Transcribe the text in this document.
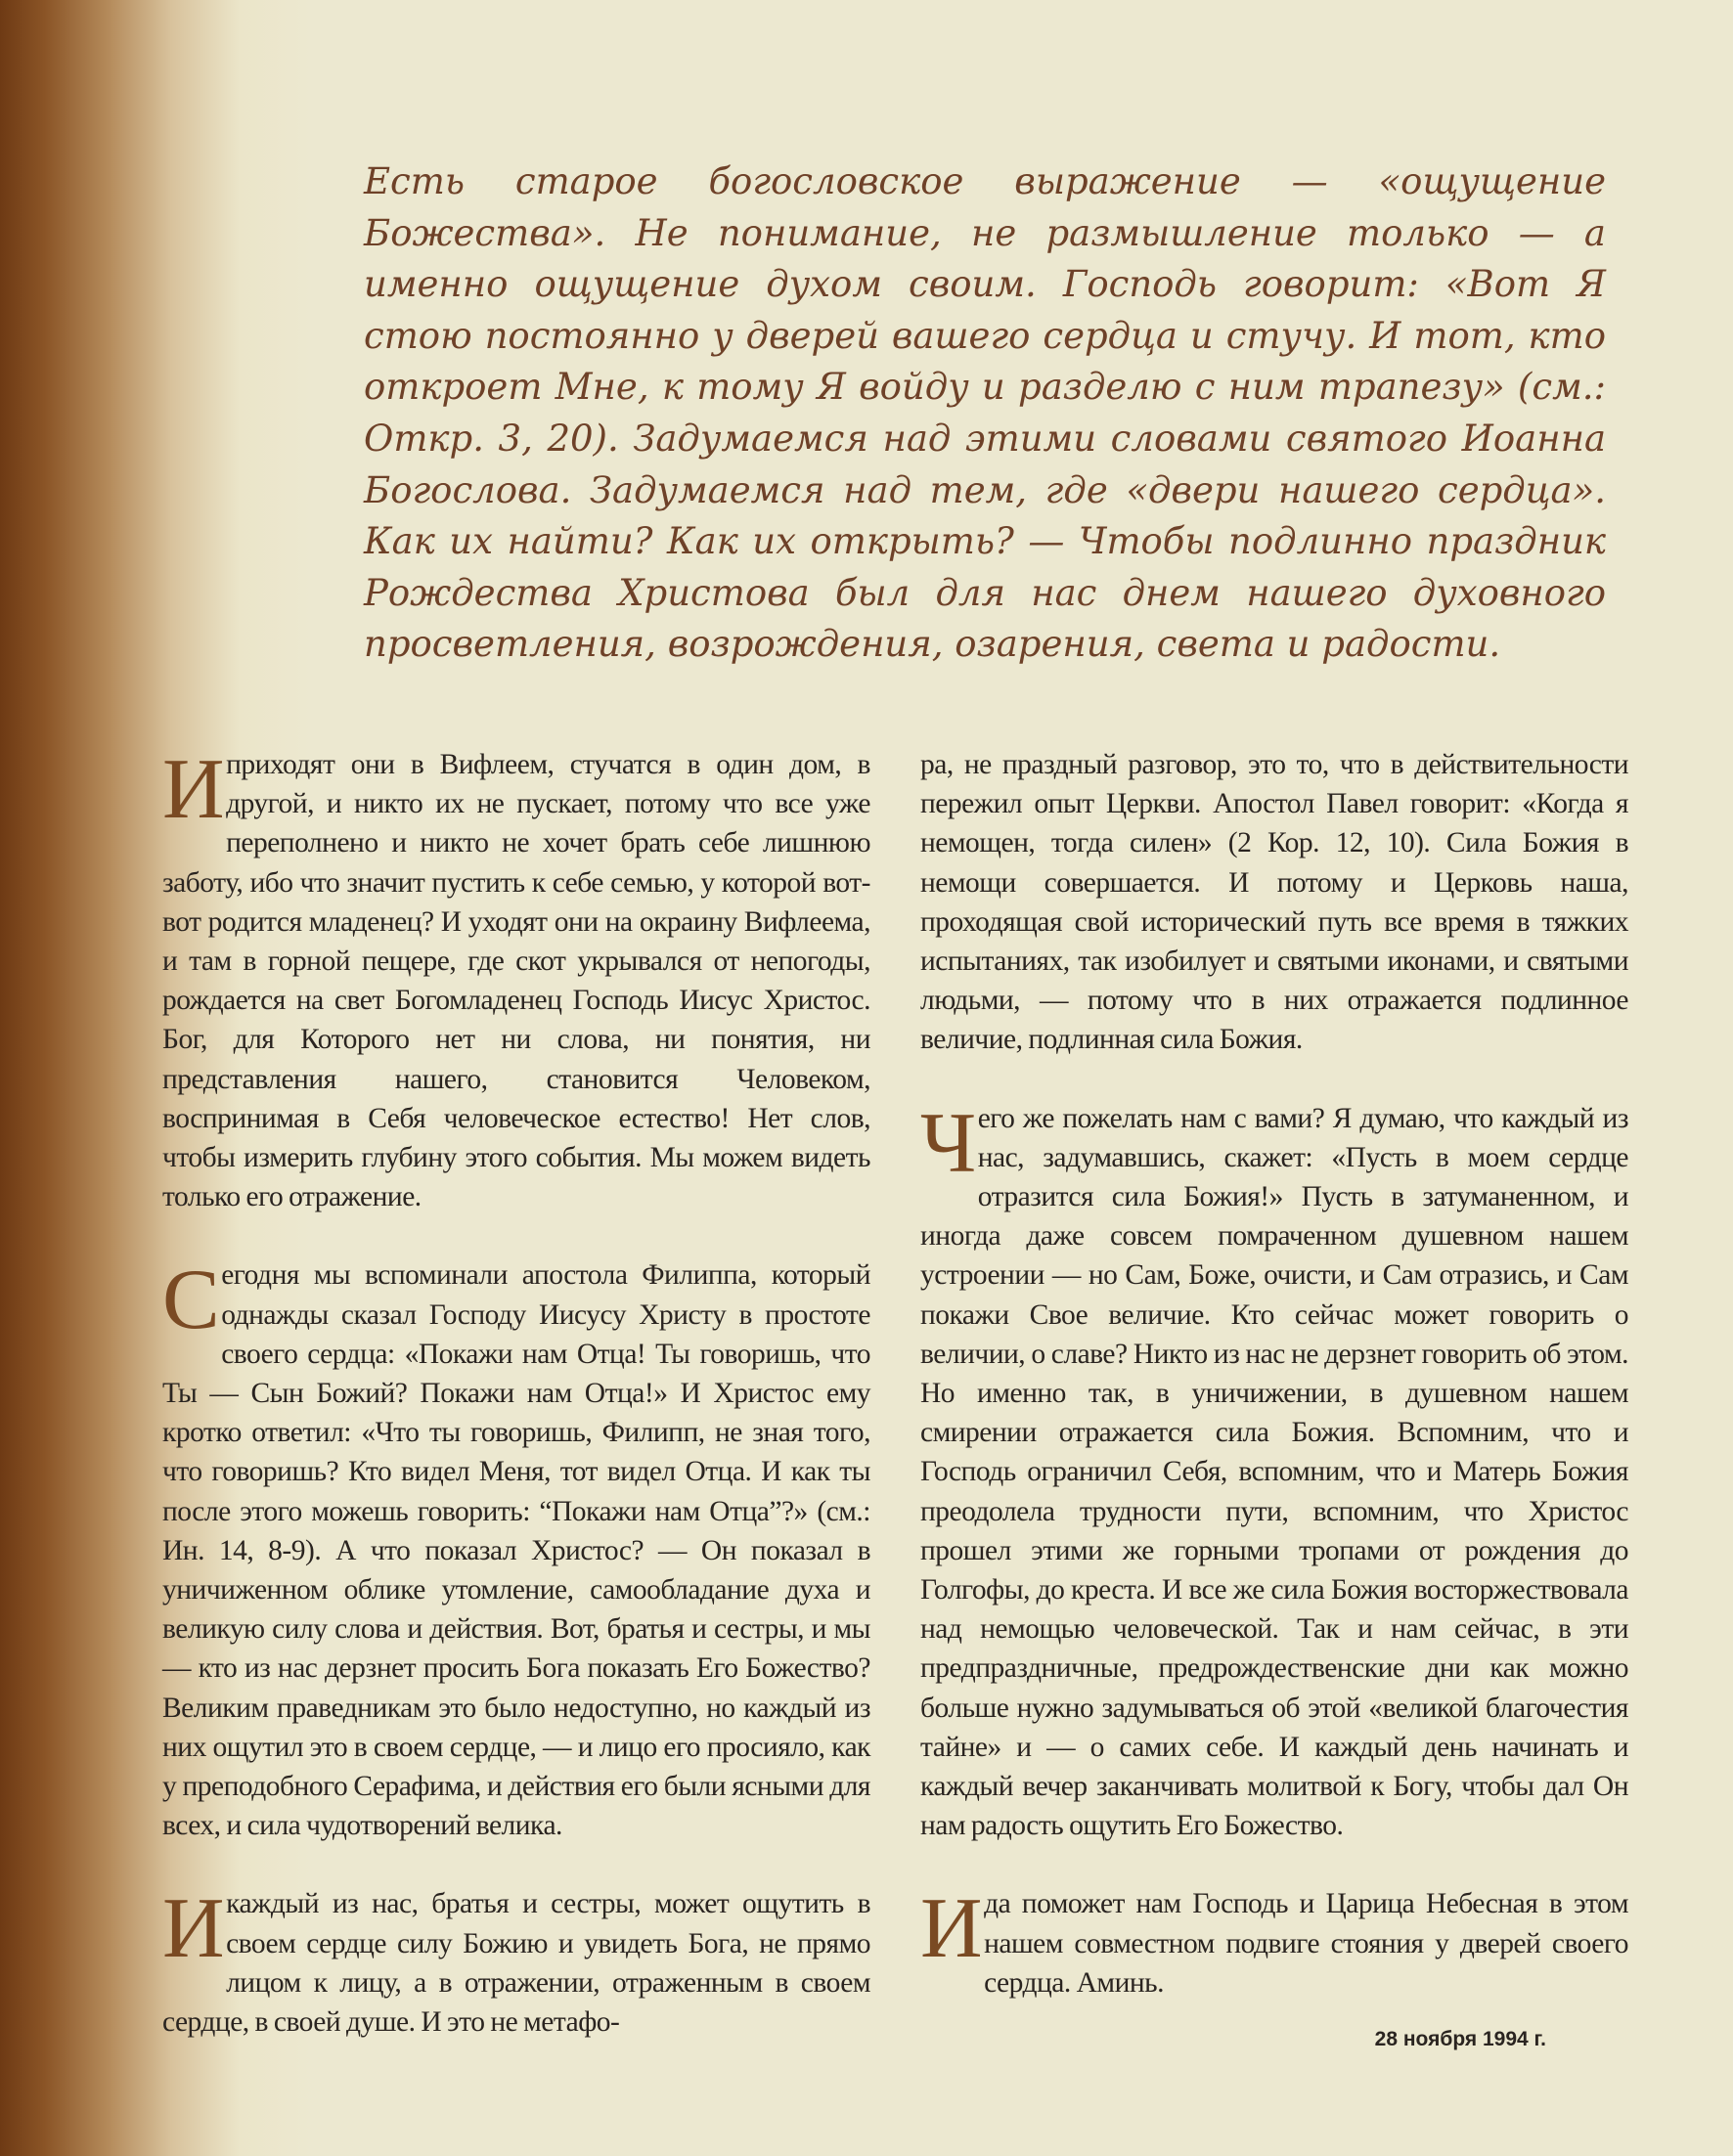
Есть старое богословское выражение — «ощущение Божества». Не понимание, не размышление только — а именно ощущение духом своим. Господь говорит: «Вот Я стою постоянно у дверей вашего сердца и стучу. И тот, кто откроет Мне, к тому Я войду и разделю с ним трапезу» (см.: Откр. 3, 20). Задумаемся над этими словами святого Иоанна Богослова. Задумаемся над тем, где «двери нашего сердца». Как их найти? Как их открыть? — Чтобы подлинно праздник Рождества Христова был для нас днем нашего духовного просветления, возрождения, озарения, света и радости.

Иприходят они в Вифлеем, стучатся в один дом, в другой, и никто их не пускает, потому что все уже переполнено и никто не хочет брать себе лишнюю заботу, ибо что значит пустить к себе семью, у которой вот-вот родится младенец? И уходят они на окраину Вифлеема, и там в горной пещере, где скот укрывался от непогоды, рождается на свет Богомладенец Господь Иисус Христос. Бог, для Которого нет ни слова, ни понятия, ни представления нашего, становится Человеком, воспринимая в Себя человеческое естество! Нет слов, чтобы измерить глубину этого события. Мы можем видеть только его отражение.

Сегодня мы вспоминали апостола Филиппа, который однажды сказал Господу Иисусу Христу в простоте своего сердца: «Покажи нам Отца! Ты говоришь, что Ты — Сын Божий? Покажи нам Отца!» И Христос ему кротко ответил: «Что ты говоришь, Филипп, не зная того, что говоришь? Кто видел Меня, тот видел Отца. И как ты после этого можешь говорить: “Покажи нам Отца”?» (см.: Ин. 14, 8-9). А что показал Христос? — Он показал в уничиженном облике утомление, самообладание духа и великую силу слова и действия. Вот, братья и сестры, и мы — кто из нас дерзнет просить Бога показать Его Божество? Великим праведникам это было недоступно, но каждый из них ощутил это в своем сердце, — и лицо его просияло, как у преподобного Серафима, и действия его были ясными для всех, и сила чудотворений велика.

Икаждый из нас, братья и сестры, может ощутить в своем сердце силу Божию и увидеть Бога, не прямо лицом к лицу, а в отражении, отраженным в своем сердце, в своей душе. И это не метафо-

ра, не праздный разговор, это то, что в действительности пережил опыт Церкви. Апостол Павел говорит: «Когда я немощен, тогда силен» (2 Кор. 12, 10). Сила Божия в немощи совершается. И потому и Церковь наша, проходящая свой исторический путь все время в тяжких испытаниях, так изобилует и святыми иконами, и святыми людьми, — потому что в них отражается подлинное величие, подлинная сила Божия.

Чего же пожелать нам с вами? Я думаю, что каждый из нас, задумавшись, скажет: «Пусть в моем сердце отразится сила Божия!» Пусть в затуманенном, и иногда даже совсем помраченном душевном нашем устроении — но Сам, Боже, очисти, и Сам отразись, и Сам покажи Свое величие. Кто сейчас может говорить о величии, о славе? Никто из нас не дерзнет говорить об этом. Но именно так, в уничижении, в душевном нашем смирении отражается сила Божия. Вспомним, что и Господь ограничил Себя, вспомним, что и Матерь Божия преодолела трудности пути, вспомним, что Христос прошел этими же горными тропами от рождения до Голгофы, до креста. И все же сила Божия восторжествовала над немощью человеческой. Так и нам сейчас, в эти предпраздничные, предрождественские дни как можно больше нужно задумываться об этой «великой благочестия тайне» и — о самих себе. И каждый день начинать и каждый вечер заканчивать молитвой к Богу, чтобы дал Он нам радость ощутить Его Божество.

И да поможет нам Господь и Царица Небесная в этом нашем совместном подвиге стояния у дверей своего сердца. Аминь.

28 ноября 1994 г.
